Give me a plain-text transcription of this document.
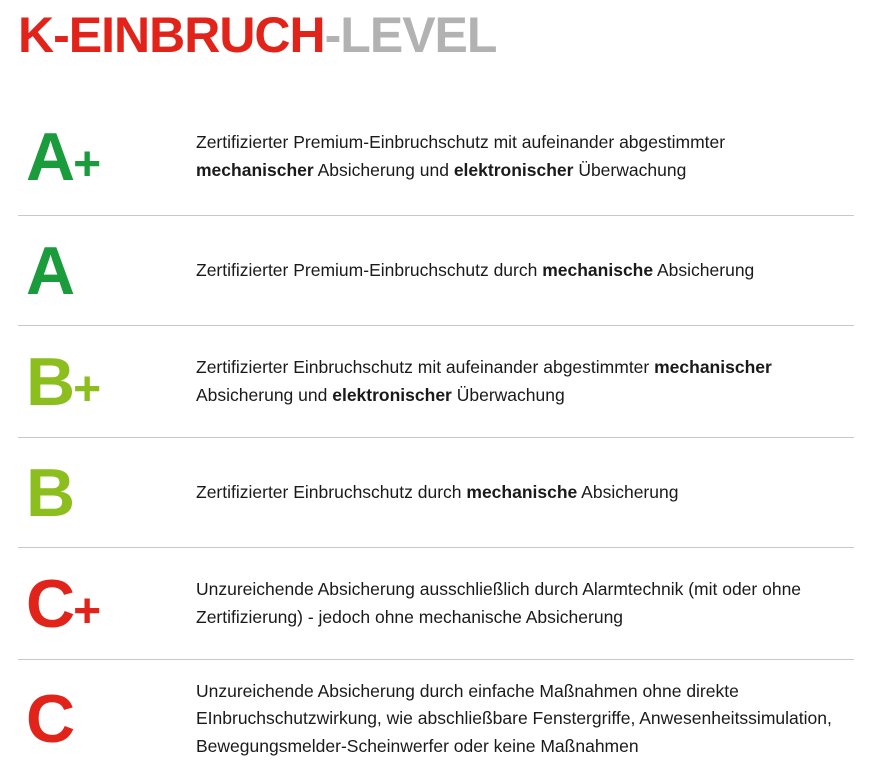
K-EINBRUCH-LEVEL
A+	Zertifizierter Premium-Einbruchschutz mit aufeinander abgestimmter mechanischer Absicherung und elektronischer Überwachung
A	Zertifizierter Premium-Einbruchschutz durch mechanische Absicherung
B+	Zertifizierter Einbruchschutz mit aufeinander abgestimmter mechanischer Absicherung und elektronischer Überwachung
B	Zertifizierter Einbruchschutz durch mechanische Absicherung
C+	Unzureichende Absicherung ausschließlich durch Alarmtechnik (mit oder ohne Zertifizierung) - jedoch ohne mechanische Absicherung
C	Unzureichende Absicherung durch einfache Maßnahmen ohne direkte EInbruchschutzwirkung, wie abschließbare Fenstergriffe, Anwesenheitssimulation, Bewegungsmelder-Scheinwerfer oder keine Maßnahmen
